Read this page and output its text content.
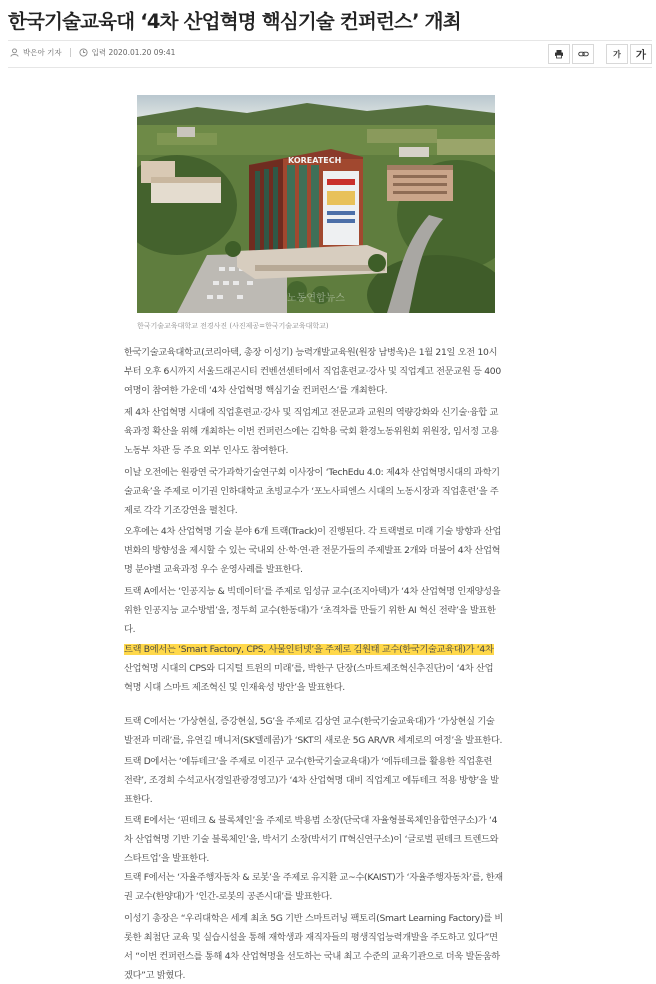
한국기술교육대 ‘4차 산업혁명 핵심기술 컨퍼런스’ 개최
박은아 기자	입력 2020.01.20 09:41	가	가
KOREATECH
노동연합뉴스
한국기술교육대학교 전경사진 (사진제공=한국기술교육대학교)
한국기술교육대학교(코리아텍, 총장 이성기) 능력개발교육원(원장 남병욱)은 1월 21일 오전 10시
부터 오후 6시까지 서울드래곤시티 컨벤션센터에서 직업훈련교·강사 및 직업계고 전문교원 등 400
여명이 참여한 가운데 ‘4차 산업혁명 핵심기술 컨퍼런스’를 개최한다.
제 4차 산업혁명 시대에 직업훈련교·강사 및 직업계고 전문교과 교원의 역량강화와 신기술·융합 교
육과정 확산을 위해 개최하는 이번 컨퍼런스에는 김학용 국회 환경노동위원회 위원장, 임서정 고용
노동부 차관 등 주요 외부 인사도 참여한다.
이날 오전에는 원광연 국가과학기술연구회 이사장이 ‘TechEdu 4.0: 제4차 산업혁명시대의 과학기
술교육’을 주제로 이기권 인하대학교 초빙교수가 ‘포노사피엔스 시대의 노동시장과 직업훈련’을 주
제로 각각 기조강연을 펼친다.
오후에는 4차 산업혁명 기술 분야 6개 트랙(Track)이 진행된다. 각 트랙별로 미래 기술 방향과 산업
변화의 방향성을 제시할 수 있는 국내외 산·학·연·관 전문가들의 주제발표 2개와 더불어 4차 산업혁
명 분야별 교육과정 우수 운영사례를 발표한다.
트랙 A에서는 ‘인공지능 & 빅데이터’를 주제로 임성규 교수(조지아텍)가 ‘4차 산업혁명 인재양성을
위한 인공지능 교수방법’을, 정두희 교수(한동대)가 ‘초격차를 만들기 위한 AI 혁신 전략’을 발표한
다.
트랙 B에서는 ‘Smart Factory, CPS, 사물인터넷’을 주제로 김원태 교수(한국기술교육대)가 ‘4차
산업혁명 시대의 CPS와 디지털 트윈의 미래’를, 박한구 단장(스마트제조혁신추진단)이 ‘4차 산업
혁명 시대 스마트 제조혁신 및 인재육성 방안’을 발표한다.
트랙 C에서는 ‘가상현실, 증강현실, 5G’을 주제로 김상연 교수(한국기술교육대)가 ‘가상현실 기술
발전과 미래’를, 유연길 매니저(SK텔레콤)가 ‘SKT의 새로운 5G AR/VR 세계로의 여정’을 발표한다.
트랙 D에서는 ‘에듀테크’을 주제로 이진구 교수(한국기술교육대)가 ‘에듀테크를 활용한 직업훈련
전략’, 조경희 수석교사(경일관광경영고)가 ‘4차 산업혁명 대비 직업계고 에듀테크 적용 방향’을 발
표한다.
트랙 E에서는 ‘핀테크 & 블록체인’을 주제로 박용범 소장(단국대 자율형블록체인융합연구소)가 ‘4
차 산업혁명 기반 기술 블록체인’을, 박서기 소장(박서기 IT혁신연구소)이 ‘글로벌 핀테크 트렌드와
스타트업’을 발표한다.
트랙 F에서는 ‘자율주행자동차 & 로봇’을 주제로 유지환 교~수(KAIST)가 ‘자율주행자동차’를, 한재
권 교수(한양대)가 ‘인간-로봇의 공존시대’를 발표한다.
이성기 총장은 “우리대학은 세계 최초 5G 기반 스마트러닝 팩토리(Smart Learning Factory)를 비
롯한 최첨단 교육 및 실습시설을 통해 재학생과 재직자들의 평생직업능력개발을 주도하고 있다”면
서 “이번 컨퍼런스를 통해 4차 산업혁명을 선도하는 국내 최고 수준의 교육기관으로 더욱 발돋움하
겠다”고 밝혔다.
